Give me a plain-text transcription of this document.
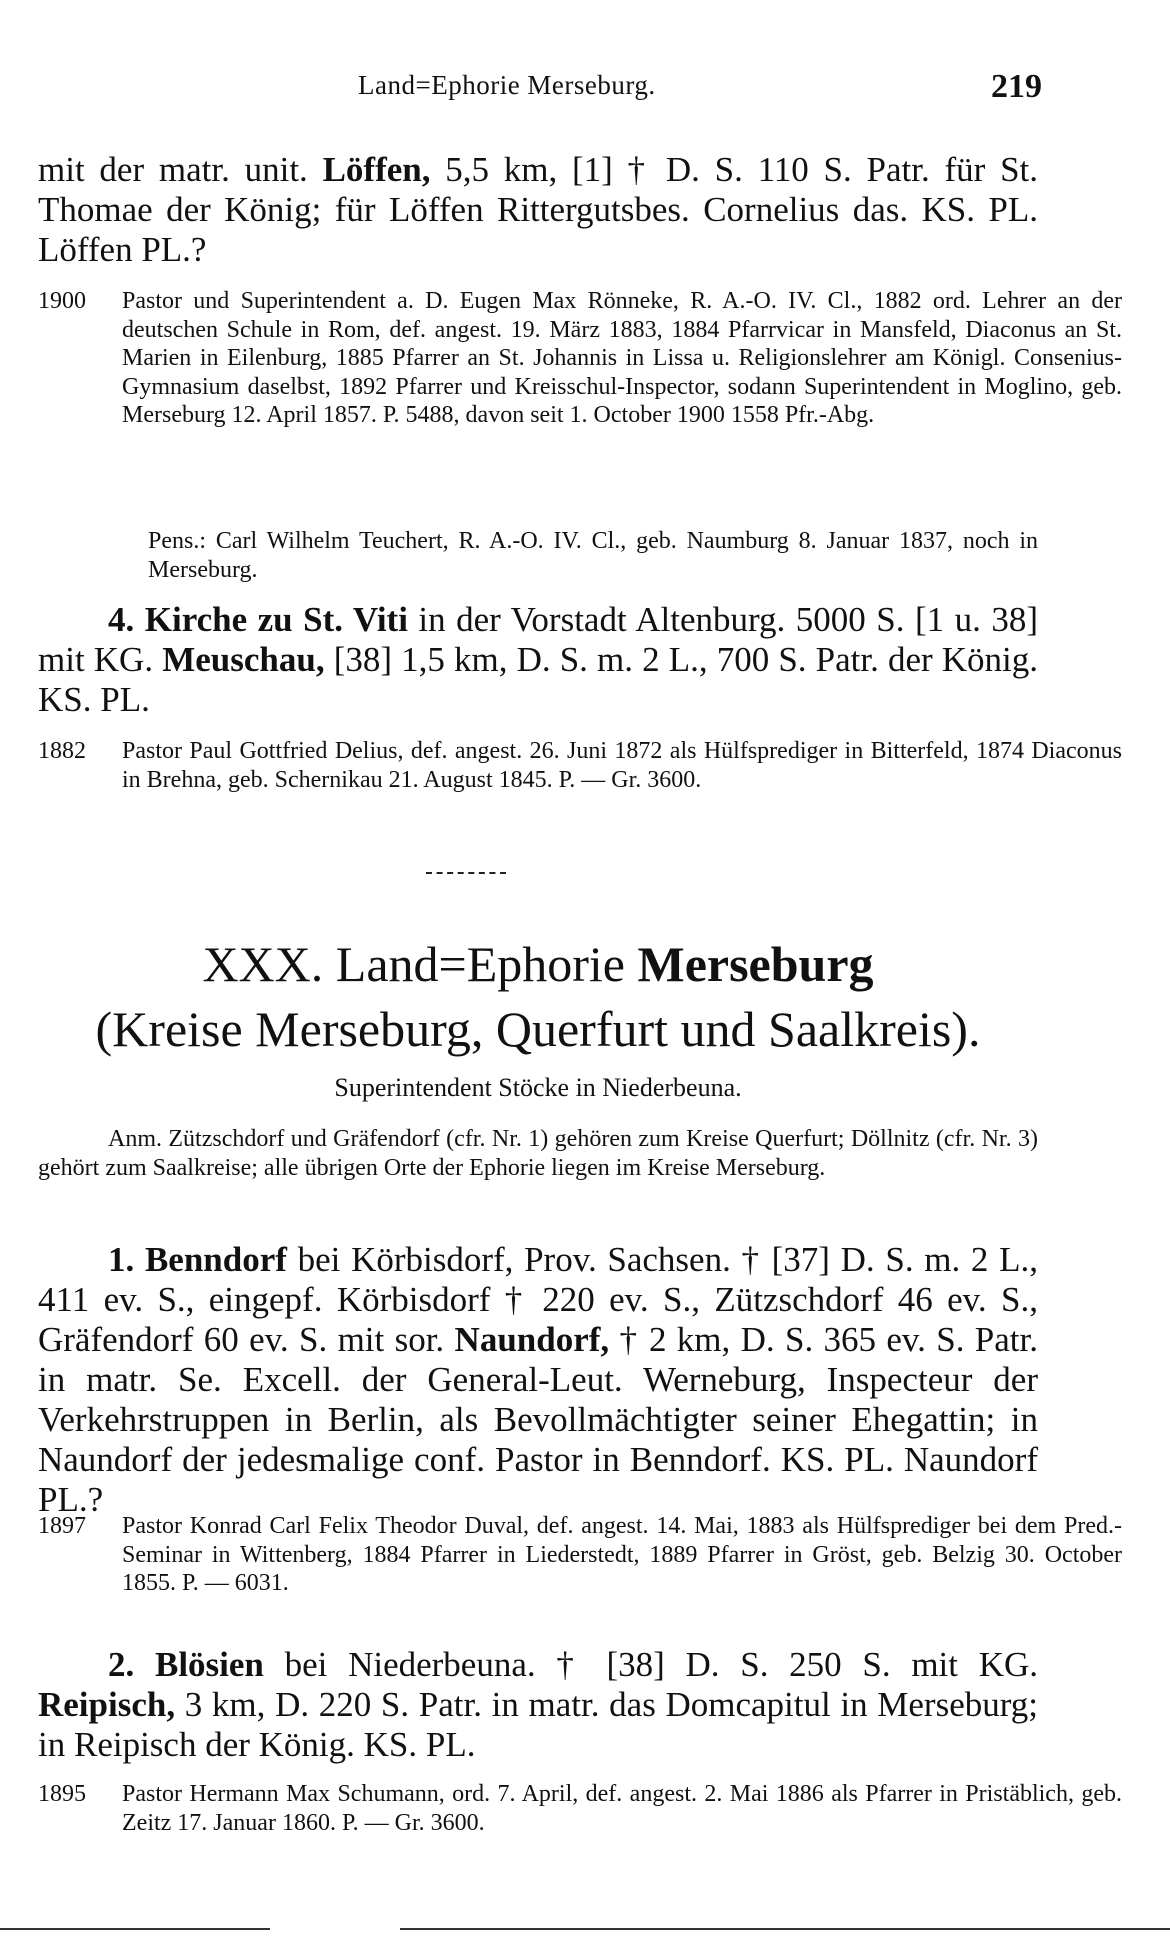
Land=Ephorie Merseburg.	219
mit der matr. unit. Löffen, 5,5 km, [1] † D. S. 110 S. Patr. für St. Thomae der König; für Löffen Rittergutsbes. Cornelius das. KS. PL. Löffen PL.?
1900	Pastor und Superintendent a. D. Eugen Max Rönneke, R. A.-O. IV. Cl., 1882 ord. Lehrer an der deutschen Schule in Rom, def. angest. 19. März 1883, 1884 Pfarrvicar in Mansfeld, Diaconus an St. Marien in Eilenburg, 1885 Pfarrer an St. Johannis in Lissa u. Religionslehrer am Königl. Consenius-Gymnasium daselbst, 1892 Pfarrer und Kreisschul-Inspector, sodann Superintendent in Moglino, geb. Merseburg 12. April 1857. P. 5488, davon seit 1. October 1900 1558 Pfr.-Abg.
Pens.: Carl Wilhelm Teuchert, R. A.-O. IV. Cl., geb. Naumburg 8. Januar 1837, noch in Merseburg.
4. Kirche zu St. Viti in der Vorstadt Altenburg. 5000 S. [1 u. 38] mit KG. Meuschau, [38] 1,5 km, D. S. m. 2 L., 700 S. Patr. der König. KS. PL.
1882	Pastor Paul Gottfried Delius, def. angest. 26. Juni 1872 als Hülfsprediger in Bitterfeld, 1874 Diaconus in Brehna, geb. Schernikau 21. August 1845. P. — Gr. 3600.
XXX. Land=Ephorie Merseburg
(Kreise Merseburg, Querfurt und Saalkreis).
Superintendent Stöcke in Niederbeuna.
Anm. Zützschdorf und Gräfendorf (cfr. Nr. 1) gehören zum Kreise Querfurt; Döllnitz (cfr. Nr. 3) gehört zum Saalkreise; alle übrigen Orte der Ephorie liegen im Kreise Merseburg.
1. Benndorf bei Körbisdorf, Prov. Sachsen. † [37] D. S. m. 2 L., 411 ev. S., eingepf. Körbisdorf † 220 ev. S., Zützschdorf 46 ev. S., Gräfendorf 60 ev. S. mit sor. Naundorf, † 2 km, D. S. 365 ev. S. Patr. in matr. Se. Excell. der General-Leut. Werneburg, Inspecteur der Verkehrstruppen in Berlin, als Bevollmächtigter seiner Ehegattin; in Naundorf der jedesmalige conf. Pastor in Benndorf. KS. PL. Naundorf PL.?
1897	Pastor Konrad Carl Felix Theodor Duval, def. angest. 14. Mai, 1883 als Hülfsprediger bei dem Pred.-Seminar in Wittenberg, 1884 Pfarrer in Liederstedt, 1889 Pfarrer in Gröst, geb. Belzig 30. October 1855. P. — 6031.
2. Blösien bei Niederbeuna. † [38] D. S. 250 S. mit KG. Reipisch, 3 km, D. 220 S. Patr. in matr. das Domcapitul in Merseburg; in Reipisch der König. KS. PL.
1895	Pastor Hermann Max Schumann, ord. 7. April, def. angest. 2. Mai 1886 als Pfarrer in Pristäblich, geb. Zeitz 17. Januar 1860. P. — Gr. 3600.
